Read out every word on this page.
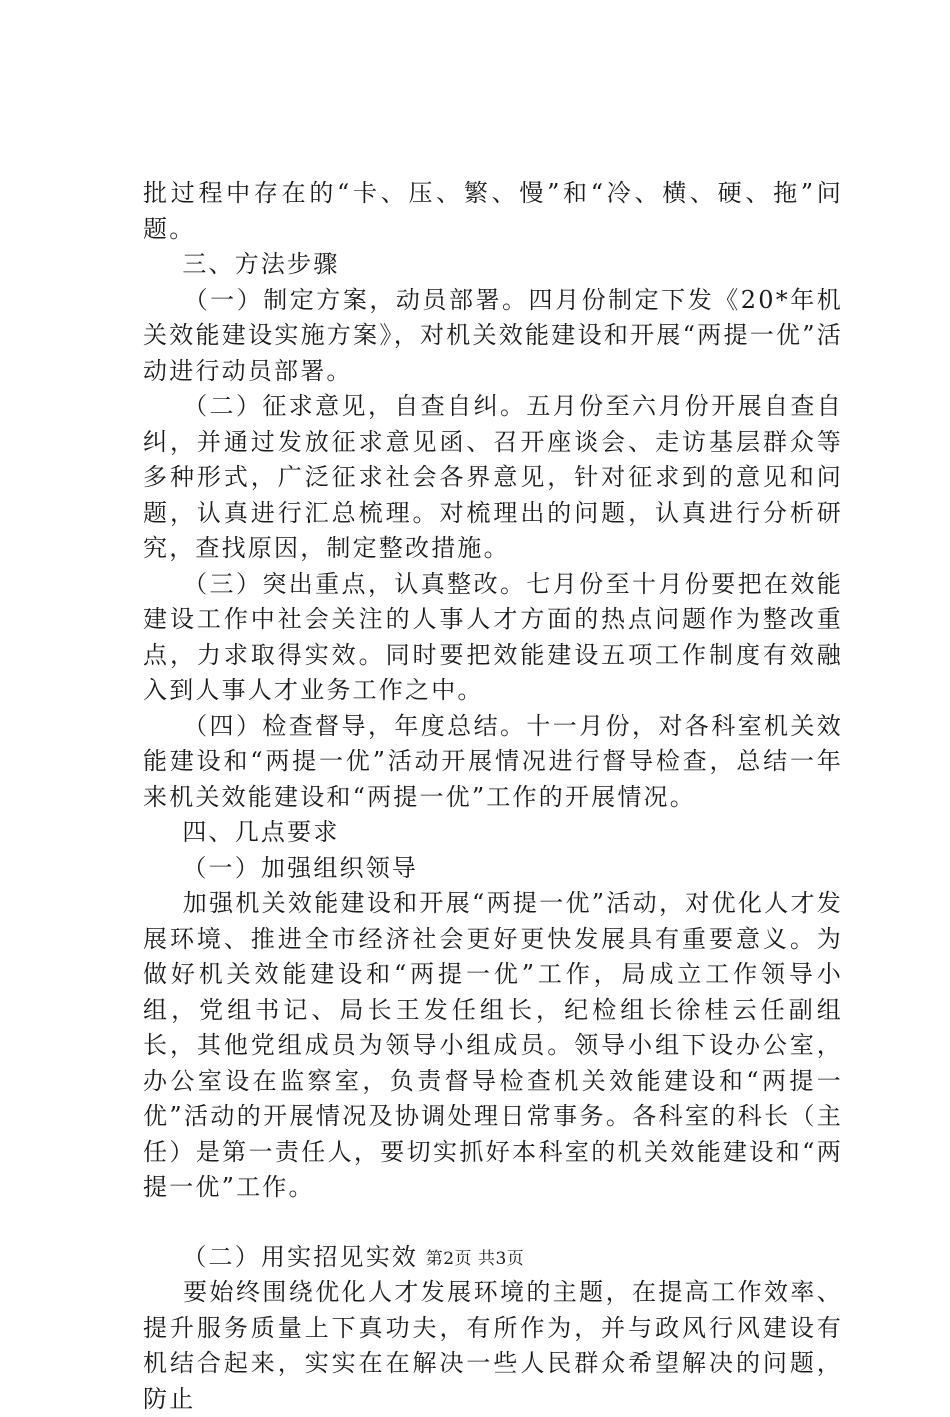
批过程中存在的“卡、压、繁、慢”和“冷、横、硬、拖”问题。

三、方法步骤

（一）制定方案，动员部署。四月份制定下发《20*年机关效能建设实施方案》，对机关效能建设和开展“两提一优”活动进行动员部署。

（二）征求意见，自查自纠。五月份至六月份开展自查自纠，并通过发放征求意见函、召开座谈会、走访基层群众等多种形式，广泛征求社会各界意见，针对征求到的意见和问题，认真进行汇总梳理。对梳理出的问题，认真进行分析研究，查找原因，制定整改措施。

（三）突出重点，认真整改。七月份至十月份要把在效能建设工作中社会关注的人事人才方面的热点问题作为整改重点，力求取得实效。同时要把效能建设五项工作制度有效融入到人事人才业务工作之中。

（四）检查督导，年度总结。十一月份，对各科室机关效能建设和“两提一优”活动开展情况进行督导检查，总结一年来机关效能建设和“两提一优”工作的开展情况。

四、几点要求

（一）加强组织领导

加强机关效能建设和开展“两提一优”活动，对优化人才发展环境、推进全市经济社会更好更快发展具有重要意义。为做好机关效能建设和“两提一优”工作，局成立工作领导小组，党组书记、局长王发任组长，纪检组长徐桂云任副组长，其他党组成员为领导小组成员。领导小组下设办公室，办公室设在监察室，负责督导检查机关效能建设和“两提一优”活动的开展情况及协调处理日常事务。各科室的科长（主任）是第一责任人，要切实抓好本科室的机关效能建设和“两提一优”工作。

（二）用实招见实效

要始终围绕优化人才发展环境的主题，在提高工作效率、提升服务质量上下真功夫，有所作为，并与政风行风建设有机结合起来，实实在在解决一些人民群众希望解决的问题，防止

第2页 共3页
